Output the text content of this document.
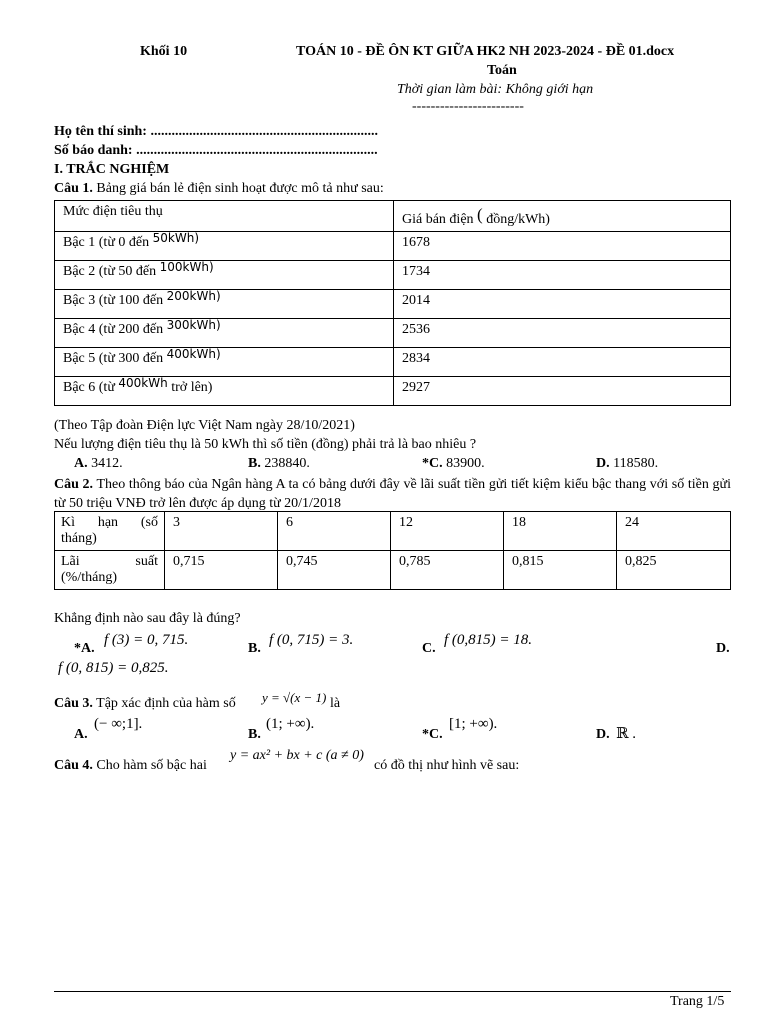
Khối 10	TOÁN 10 - ĐỀ ÔN KT GIỮA HK2 NH 2023-2024 - ĐỀ 01.docx
Toán
Thời gian làm bài: Không giới hạn
------------------------
Họ tên thí sinh: .................................................................
Số báo danh: .....................................................................
I. TRẮC NGHIỆM
Câu 1. Bảng giá bán lẻ điện sinh hoạt được mô tả như sau:
Mức điện tiêu thụ	Giá bán điện ( đồng/kWh)
Bậc 1 (từ 0 đến 50kWh)	1678
Bậc 2 (từ 50 đến 100kWh)	1734
Bậc 3 (từ 100 đến 200kWh)	2014
Bậc 4 (từ 200 đến 300kWh)	2536
Bậc 5 (từ 300 đến 400kWh)	2834
Bậc 6 (từ 400kWh trở lên)	2927
(Theo Tập đoàn Điện lực Việt Nam ngày 28/10/2021)
Nếu lượng điện tiêu thụ là 50 kWh thì số tiền (đồng) phải trả là bao nhiêu ?
A. 3412.	B. 238840.	*C. 83900.	D. 118580.
Câu 2. Theo thông báo của Ngân hàng A ta có bảng dưới đây về lãi suất tiền gửi tiết kiệm kiểu bậc thang với số tiền gửi từ 50 triệu VNĐ trở lên được áp dụng từ 20/1/2018
Kì hạn (số tháng)	3	6	12	18	24
Lãi suất (%/tháng)	0,715	0,745	0,785	0,815	0,825
Khẳng định nào sau đây là đúng?
*A.
f (3) = 0, 715.
B.
f (0, 715) = 3.
C.
f (0,815) = 18.
D.
f (0, 815) = 0,825.
Câu 3. Tập xác định của hàm số y = √(x − 1) là
A.
(− ∞;1].
B.
(1; +∞).
*C.
[1; +∞).
D. ℝ .
Câu 4. Cho hàm số bậc hai
y = ax² + bx + c (a ≠ 0)
có đồ thị như hình vẽ sau:
Trang 1/5
